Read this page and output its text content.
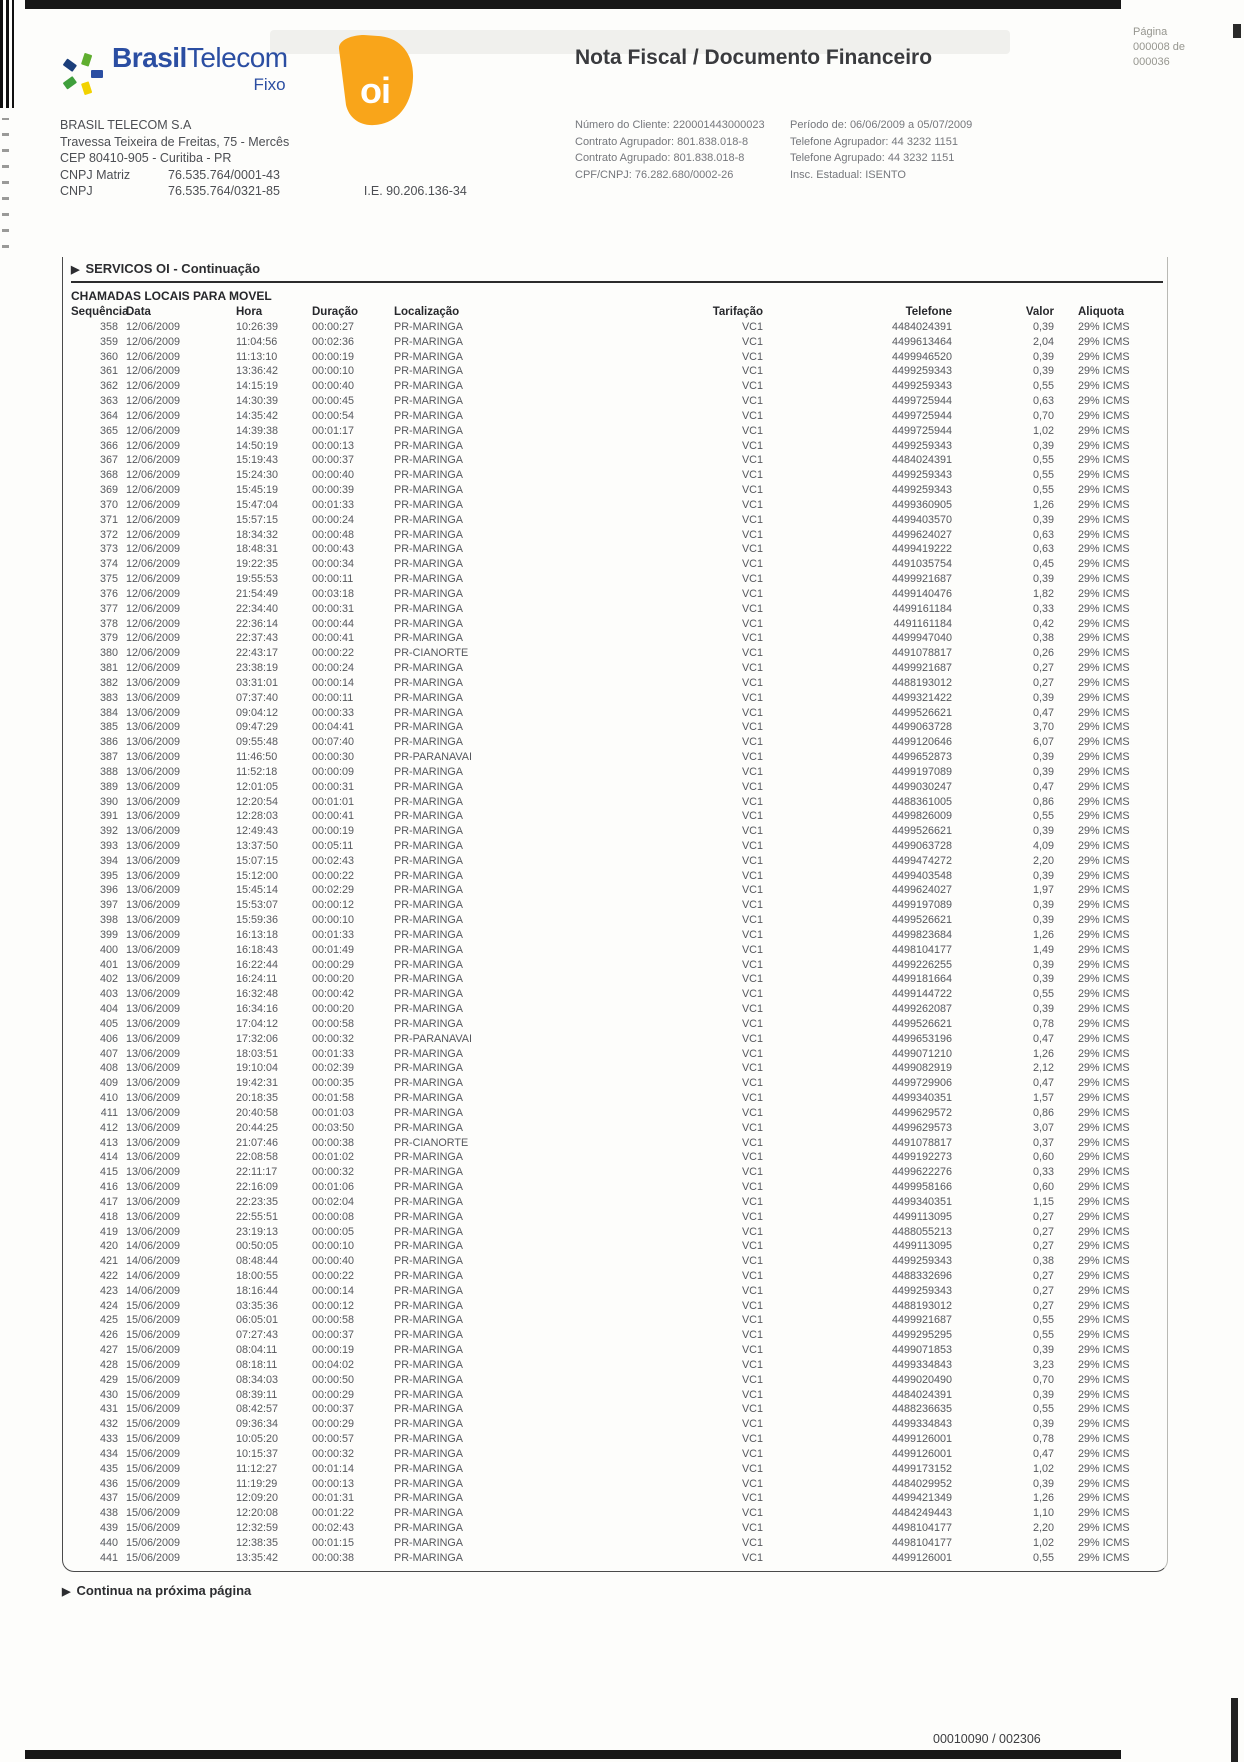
BrasilTelecom
Fixo oi
Nota Fiscal / Documento Financeiro
Página
000008 de
000036
BRASIL TELECOM S.A
Travessa Teixeira de Freitas, 75 - Mercês
CEP 80410-905 - Curitiba - PR
CNPJ Matriz	76.535.764/0001-43
CNPJ	76.535.764/0321-85	I.E. 90.206.136-34
Número do Cliente: 220001443000023
Contrato Agrupador: 801.838.018-8
Contrato Agrupado: 801.838.018-8
CPF/CNPJ: 76.282.680/0002-26
Período de: 06/06/2009 a 05/07/2009
Telefone Agrupador: 44 3232 1151
Telefone Agrupado: 44 3232 1151
Insc. Estadual: ISENTO
▶ SERVICOS OI - Continuação
CHAMADAS LOCAIS PARA MOVEL
Sequência
Data	Hora	Duração	Localização	Tarifação	Telefone	Valor	Aliquota
358 12/06/2009	10:26:39	00:00:27	PR-MARINGA	VC1	4484024391	0,39	29% ICMS
359 12/06/2009	11:04:56	00:02:36	PR-MARINGA	VC1	4499613464	2,04	29% ICMS
360 12/06/2009	11:13:10	00:00:19	PR-MARINGA	VC1	4499946520	0,39	29% ICMS
361 12/06/2009	13:36:42	00:00:10	PR-MARINGA	VC1	4499259343	0,39	29% ICMS
362 12/06/2009	14:15:19	00:00:40	PR-MARINGA	VC1	4499259343	0,55	29% ICMS
363 12/06/2009	14:30:39	00:00:45	PR-MARINGA	VC1	4499725944	0,63	29% ICMS
364 12/06/2009	14:35:42	00:00:54	PR-MARINGA	VC1	4499725944	0,70	29% ICMS
365 12/06/2009	14:39:38	00:01:17	PR-MARINGA	VC1	4499725944	1,02	29% ICMS
366 12/06/2009	14:50:19	00:00:13	PR-MARINGA	VC1	4499259343	0,39	29% ICMS
367 12/06/2009	15:19:43	00:00:37	PR-MARINGA	VC1	4484024391	0,55	29% ICMS
368 12/06/2009	15:24:30	00:00:40	PR-MARINGA	VC1	4499259343	0,55	29% ICMS
369 12/06/2009	15:45:19	00:00:39	PR-MARINGA	VC1	4499259343	0,55	29% ICMS
370 12/06/2009	15:47:04	00:01:33	PR-MARINGA	VC1	4499360905	1,26	29% ICMS
371 12/06/2009	15:57:15	00:00:24	PR-MARINGA	VC1	4499403570	0,39	29% ICMS
372 12/06/2009	18:34:32	00:00:48	PR-MARINGA	VC1	4499624027	0,63	29% ICMS
373 12/06/2009	18:48:31	00:00:43	PR-MARINGA	VC1	4499419222	0,63	29% ICMS
374 12/06/2009	19:22:35	00:00:34	PR-MARINGA	VC1	4491035754	0,45	29% ICMS
375 12/06/2009	19:55:53	00:00:11	PR-MARINGA	VC1	4499921687	0,39	29% ICMS
376 12/06/2009	21:54:49	00:03:18	PR-MARINGA	VC1	4499140476	1,82	29% ICMS
377 12/06/2009	22:34:40	00:00:31	PR-MARINGA	VC1	4499161184	0,33	29% ICMS
378 12/06/2009	22:36:14	00:00:44	PR-MARINGA	VC1	4491161184	0,42	29% ICMS
379 12/06/2009	22:37:43	00:00:41	PR-MARINGA	VC1	4499947040	0,38	29% ICMS
380 12/06/2009	22:43:17	00:00:22	PR-CIANORTE	VC1	4491078817	0,26	29% ICMS
381 12/06/2009	23:38:19	00:00:24	PR-MARINGA	VC1	4499921687	0,27	29% ICMS
382 13/06/2009	03:31:01	00:00:14	PR-MARINGA	VC1	4488193012	0,27	29% ICMS
383 13/06/2009	07:37:40	00:00:11	PR-MARINGA	VC1	4499321422	0,39	29% ICMS
384 13/06/2009	09:04:12	00:00:33	PR-MARINGA	VC1	4499526621	0,47	29% ICMS
385 13/06/2009	09:47:29	00:04:41	PR-MARINGA	VC1	4499063728	3,70	29% ICMS
386 13/06/2009	09:55:48	00:07:40	PR-MARINGA	VC1	4499120646	6,07	29% ICMS
387 13/06/2009	11:46:50	00:00:30	PR-PARANAVAI	VC1	4499652873	0,39	29% ICMS
388 13/06/2009	11:52:18	00:00:09	PR-MARINGA	VC1	4499197089	0,39	29% ICMS
389 13/06/2009	12:01:05	00:00:31	PR-MARINGA	VC1	4499030247	0,47	29% ICMS
390 13/06/2009	12:20:54	00:01:01	PR-MARINGA	VC1	4488361005	0,86	29% ICMS
391 13/06/2009	12:28:03	00:00:41	PR-MARINGA	VC1	4499826009	0,55	29% ICMS
392 13/06/2009	12:49:43	00:00:19	PR-MARINGA	VC1	4499526621	0,39	29% ICMS
393 13/06/2009	13:37:50	00:05:11	PR-MARINGA	VC1	4499063728	4,09	29% ICMS
394 13/06/2009	15:07:15	00:02:43	PR-MARINGA	VC1	4499474272	2,20	29% ICMS
395 13/06/2009	15:12:00	00:00:22	PR-MARINGA	VC1	4499403548	0,39	29% ICMS
396 13/06/2009	15:45:14	00:02:29	PR-MARINGA	VC1	4499624027	1,97	29% ICMS
397 13/06/2009	15:53:07	00:00:12	PR-MARINGA	VC1	4499197089	0,39	29% ICMS
398 13/06/2009	15:59:36	00:00:10	PR-MARINGA	VC1	4499526621	0,39	29% ICMS
399 13/06/2009	16:13:18	00:01:33	PR-MARINGA	VC1	4499823684	1,26	29% ICMS
400 13/06/2009	16:18:43	00:01:49	PR-MARINGA	VC1	4498104177	1,49	29% ICMS
401 13/06/2009	16:22:44	00:00:29	PR-MARINGA	VC1	4499226255	0,39	29% ICMS
402 13/06/2009	16:24:11	00:00:20	PR-MARINGA	VC1	4499181664	0,39	29% ICMS
403 13/06/2009	16:32:48	00:00:42	PR-MARINGA	VC1	4499144722	0,55	29% ICMS
404 13/06/2009	16:34:16	00:00:20	PR-MARINGA	VC1	4499262087	0,39	29% ICMS
405 13/06/2009	17:04:12	00:00:58	PR-MARINGA	VC1	4499526621	0,78	29% ICMS
406 13/06/2009	17:32:06	00:00:32	PR-PARANAVAI	VC1	4499653196	0,47	29% ICMS
407 13/06/2009	18:03:51	00:01:33	PR-MARINGA	VC1	4499071210	1,26	29% ICMS
408 13/06/2009	19:10:04	00:02:39	PR-MARINGA	VC1	4499082919	2,12	29% ICMS
409 13/06/2009	19:42:31	00:00:35	PR-MARINGA	VC1	4499729906	0,47	29% ICMS
410 13/06/2009	20:18:35	00:01:58	PR-MARINGA	VC1	4499340351	1,57	29% ICMS
411 13/06/2009	20:40:58	00:01:03	PR-MARINGA	VC1	4499629572	0,86	29% ICMS
412 13/06/2009	20:44:25	00:03:50	PR-MARINGA	VC1	4499629573	3,07	29% ICMS
413 13/06/2009	21:07:46	00:00:38	PR-CIANORTE	VC1	4491078817	0,37	29% ICMS
414 13/06/2009	22:08:58	00:01:02	PR-MARINGA	VC1	4499192273	0,60	29% ICMS
415 13/06/2009	22:11:17	00:00:32	PR-MARINGA	VC1	4499622276	0,33	29% ICMS
416 13/06/2009	22:16:09	00:01:06	PR-MARINGA	VC1	4499958166	0,60	29% ICMS
417 13/06/2009	22:23:35	00:02:04	PR-MARINGA	VC1	4499340351	1,15	29% ICMS
418 13/06/2009	22:55:51	00:00:08	PR-MARINGA	VC1	4499113095	0,27	29% ICMS
419 13/06/2009	23:19:13	00:00:05	PR-MARINGA	VC1	4488055213	0,27	29% ICMS
420 14/06/2009	00:50:05	00:00:10	PR-MARINGA	VC1	4499113095	0,27	29% ICMS
421 14/06/2009	08:48:44	00:00:40	PR-MARINGA	VC1	4499259343	0,38	29% ICMS
422 14/06/2009	18:00:55	00:00:22	PR-MARINGA	VC1	4488332696	0,27	29% ICMS
423 14/06/2009	18:16:44	00:00:14	PR-MARINGA	VC1	4499259343	0,27	29% ICMS
424 15/06/2009	03:35:36	00:00:12	PR-MARINGA	VC1	4488193012	0,27	29% ICMS
425 15/06/2009	06:05:01	00:00:58	PR-MARINGA	VC1	4499921687	0,55	29% ICMS
426 15/06/2009	07:27:43	00:00:37	PR-MARINGA	VC1	4499295295	0,55	29% ICMS
427 15/06/2009	08:04:11	00:00:19	PR-MARINGA	VC1	4499071853	0,39	29% ICMS
428 15/06/2009	08:18:11	00:04:02	PR-MARINGA	VC1	4499334843	3,23	29% ICMS
429 15/06/2009	08:34:03	00:00:50	PR-MARINGA	VC1	4499020490	0,70	29% ICMS
430 15/06/2009	08:39:11	00:00:29	PR-MARINGA	VC1	4484024391	0,39	29% ICMS
431 15/06/2009	08:42:57	00:00:37	PR-MARINGA	VC1	4488236635	0,55	29% ICMS
432 15/06/2009	09:36:34	00:00:29	PR-MARINGA	VC1	4499334843	0,39	29% ICMS
433 15/06/2009	10:05:20	00:00:57	PR-MARINGA	VC1	4499126001	0,78	29% ICMS
434 15/06/2009	10:15:37	00:00:32	PR-MARINGA	VC1	4499126001	0,47	29% ICMS
435 15/06/2009	11:12:27	00:01:14	PR-MARINGA	VC1	4499173152	1,02	29% ICMS
436 15/06/2009	11:19:29	00:00:13	PR-MARINGA	VC1	4484029952	0,39	29% ICMS
437 15/06/2009	12:09:20	00:01:31	PR-MARINGA	VC1	4499421349	1,26	29% ICMS
438 15/06/2009	12:20:08	00:01:22	PR-MARINGA	VC1	4484249443	1,10	29% ICMS
439 15/06/2009	12:32:59	00:02:43	PR-MARINGA	VC1	4498104177	2,20	29% ICMS
440 15/06/2009	12:38:35	00:01:15	PR-MARINGA	VC1	4498104177	1,02	29% ICMS
441 15/06/2009	13:35:42	00:00:38	PR-MARINGA	VC1	4499126001	0,55	29% ICMS
▶ Continua na próxima página
00010090 / 002306
